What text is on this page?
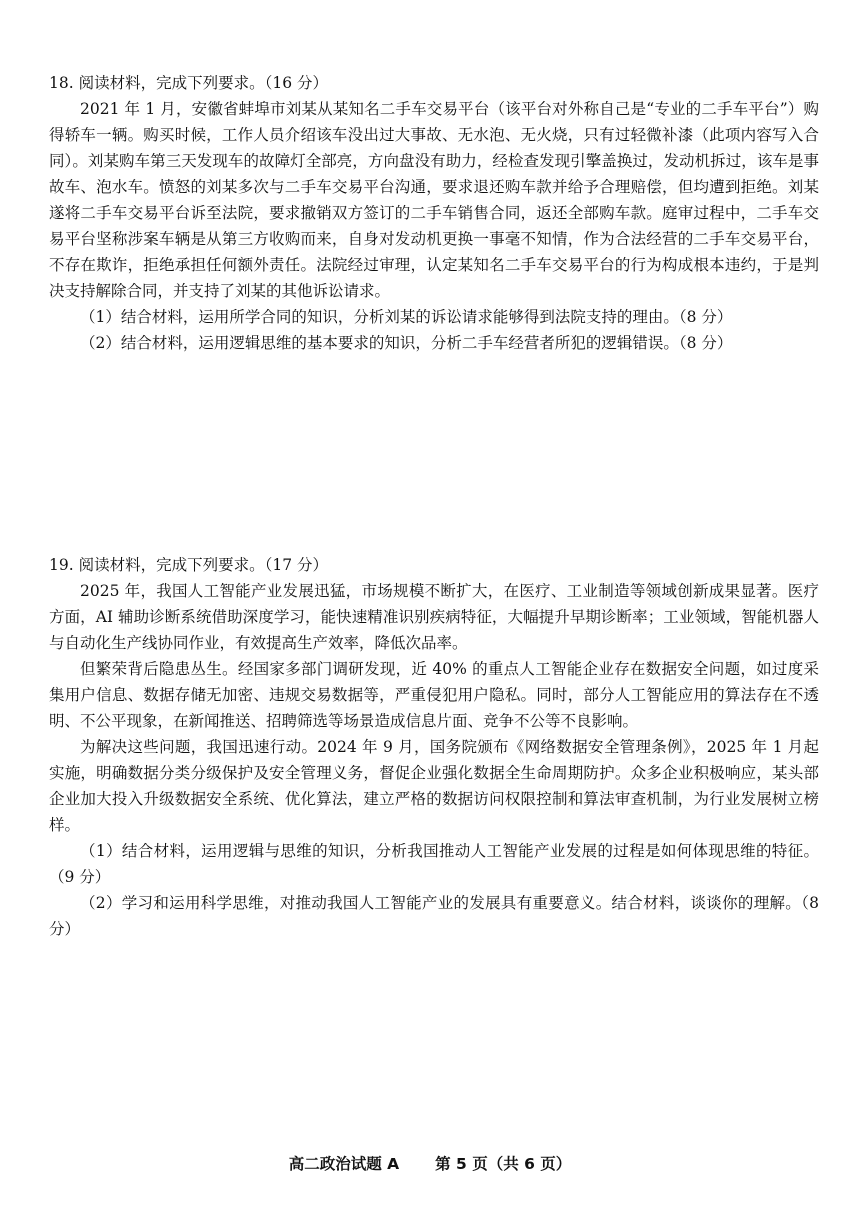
18. 阅读材料，完成下列要求。（16 分）

2021 年 1 月，安徽省蚌埠市刘某从某知名二手车交易平台（该平台对外称自己是“专业的二手车平台”）购得轿车一辆。购买时候，工作人员介绍该车没出过大事故、无水泡、无火烧，只有过轻微补漆（此项内容写入合同）。刘某购车第三天发现车的故障灯全部亮，方向盘没有助力，经检查发现引擎盖换过，发动机拆过，该车是事故车、泡水车。愤怒的刘某多次与二手车交易平台沟通，要求退还购车款并给予合理赔偿，但均遭到拒绝。刘某遂将二手车交易平台诉至法院，要求撤销双方签订的二手车销售合同，返还全部购车款。庭审过程中，二手车交易平台坚称涉案车辆是从第三方收购而来，自身对发动机更换一事毫不知情，作为合法经营的二手车交易平台，不存在欺诈，拒绝承担任何额外责任。法院经过审理，认定某知名二手车交易平台的行为构成根本违约，于是判决支持解除合同，并支持了刘某的其他诉讼请求。

（1）结合材料，运用所学合同的知识，分析刘某的诉讼请求能够得到法院支持的理由。（8 分）

（2）结合材料，运用逻辑思维的基本要求的知识，分析二手车经营者所犯的逻辑错误。（8 分）

19. 阅读材料，完成下列要求。（17 分）

2025 年，我国人工智能产业发展迅猛，市场规模不断扩大，在医疗、工业制造等领域创新成果显著。医疗方面，AI 辅助诊断系统借助深度学习，能快速精准识别疾病特征，大幅提升早期诊断率；工业领域，智能机器人与自动化生产线协同作业，有效提高生产效率，降低次品率。

但繁荣背后隐患丛生。经国家多部门调研发现，近 40% 的重点人工智能企业存在数据安全问题，如过度采集用户信息、数据存储无加密、违规交易数据等，严重侵犯用户隐私。同时，部分人工智能应用的算法存在不透明、不公平现象，在新闻推送、招聘筛选等场景造成信息片面、竞争不公等不良影响。

为解决这些问题，我国迅速行动。2024 年 9 月，国务院颁布《网络数据安全管理条例》，2025 年 1 月起实施，明确数据分类分级保护及安全管理义务，督促企业强化数据全生命周期防护。众多企业积极响应，某头部企业加大投入升级数据安全系统、优化算法，建立严格的数据访问权限控制和算法审查机制，为行业发展树立榜样。

（1）结合材料，运用逻辑与思维的知识，分析我国推动人工智能产业发展的过程是如何体现思维的特征。（9 分）

（2）学习和运用科学思维，对推动我国人工智能产业的发展具有重要意义。结合材料，谈谈你的理解。（8 分）

高二政治试题 A 第 5 页（共 6 页）
